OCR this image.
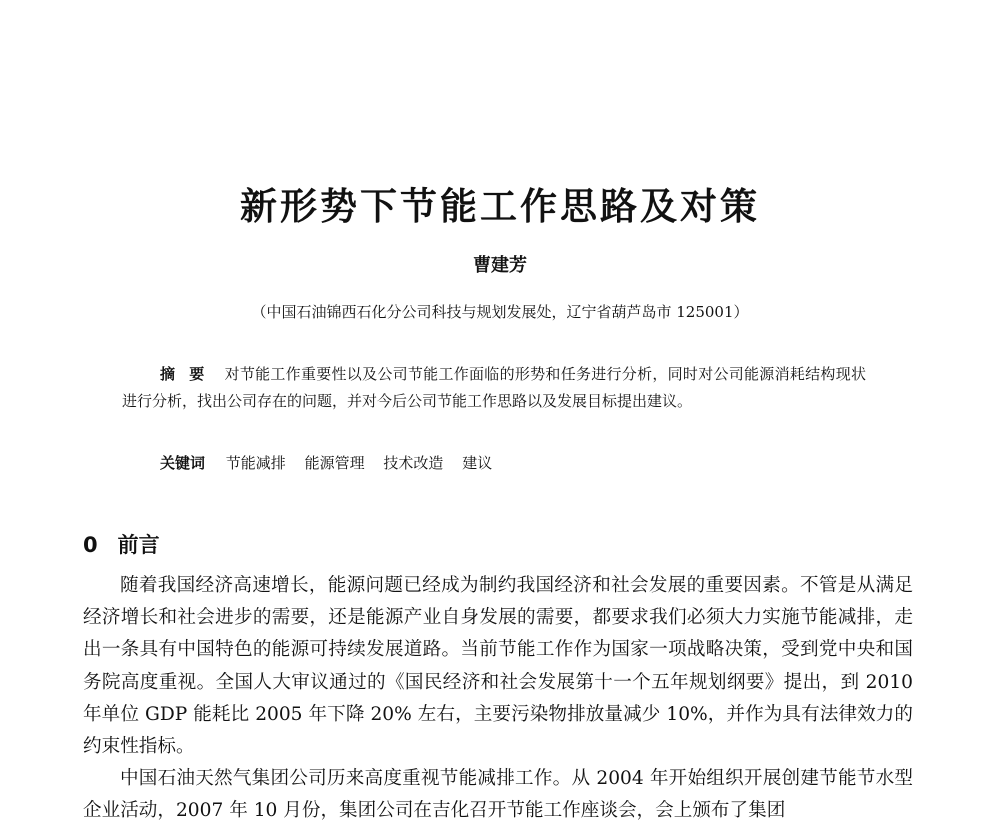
新形势下节能工作思路及对策
曹建芳
（中国石油锦西石化分公司科技与规划发展处，辽宁省葫芦岛市 125001）
摘要 对节能工作重要性以及公司节能工作面临的形势和任务进行分析，同时对公司能源消耗结构现状进行分析，找出公司存在的问题，并对今后公司节能工作思路以及发展目标提出建议。
关键词 节能减排 能源管理 技术改造 建议
0 前言

随着我国经济高速增长，能源问题已经成为制约我国经济和社会发展的重要因素。不管是从满足经济增长和社会进步的需要，还是能源产业自身发展的需要，都要求我们必须大力实施节能减排，走出一条具有中国特色的能源可持续发展道路。当前节能工作作为国家一项战略决策，受到党中央和国务院高度重视。全国人大审议通过的《国民经济和社会发展第十一个五年规划纲要》提出，到 2010 年单位 GDP 能耗比 2005 年下降 20% 左右，主要污染物排放量减少 10%，并作为具有法律效力的约束性指标。

中国石油天然气集团公司历来高度重视节能减排工作。从 2004 年开始组织开展创建节能节水型企业活动，2007 年 10 月份，集团公司在吉化召开节能工作座谈会，会上颁布了集团
